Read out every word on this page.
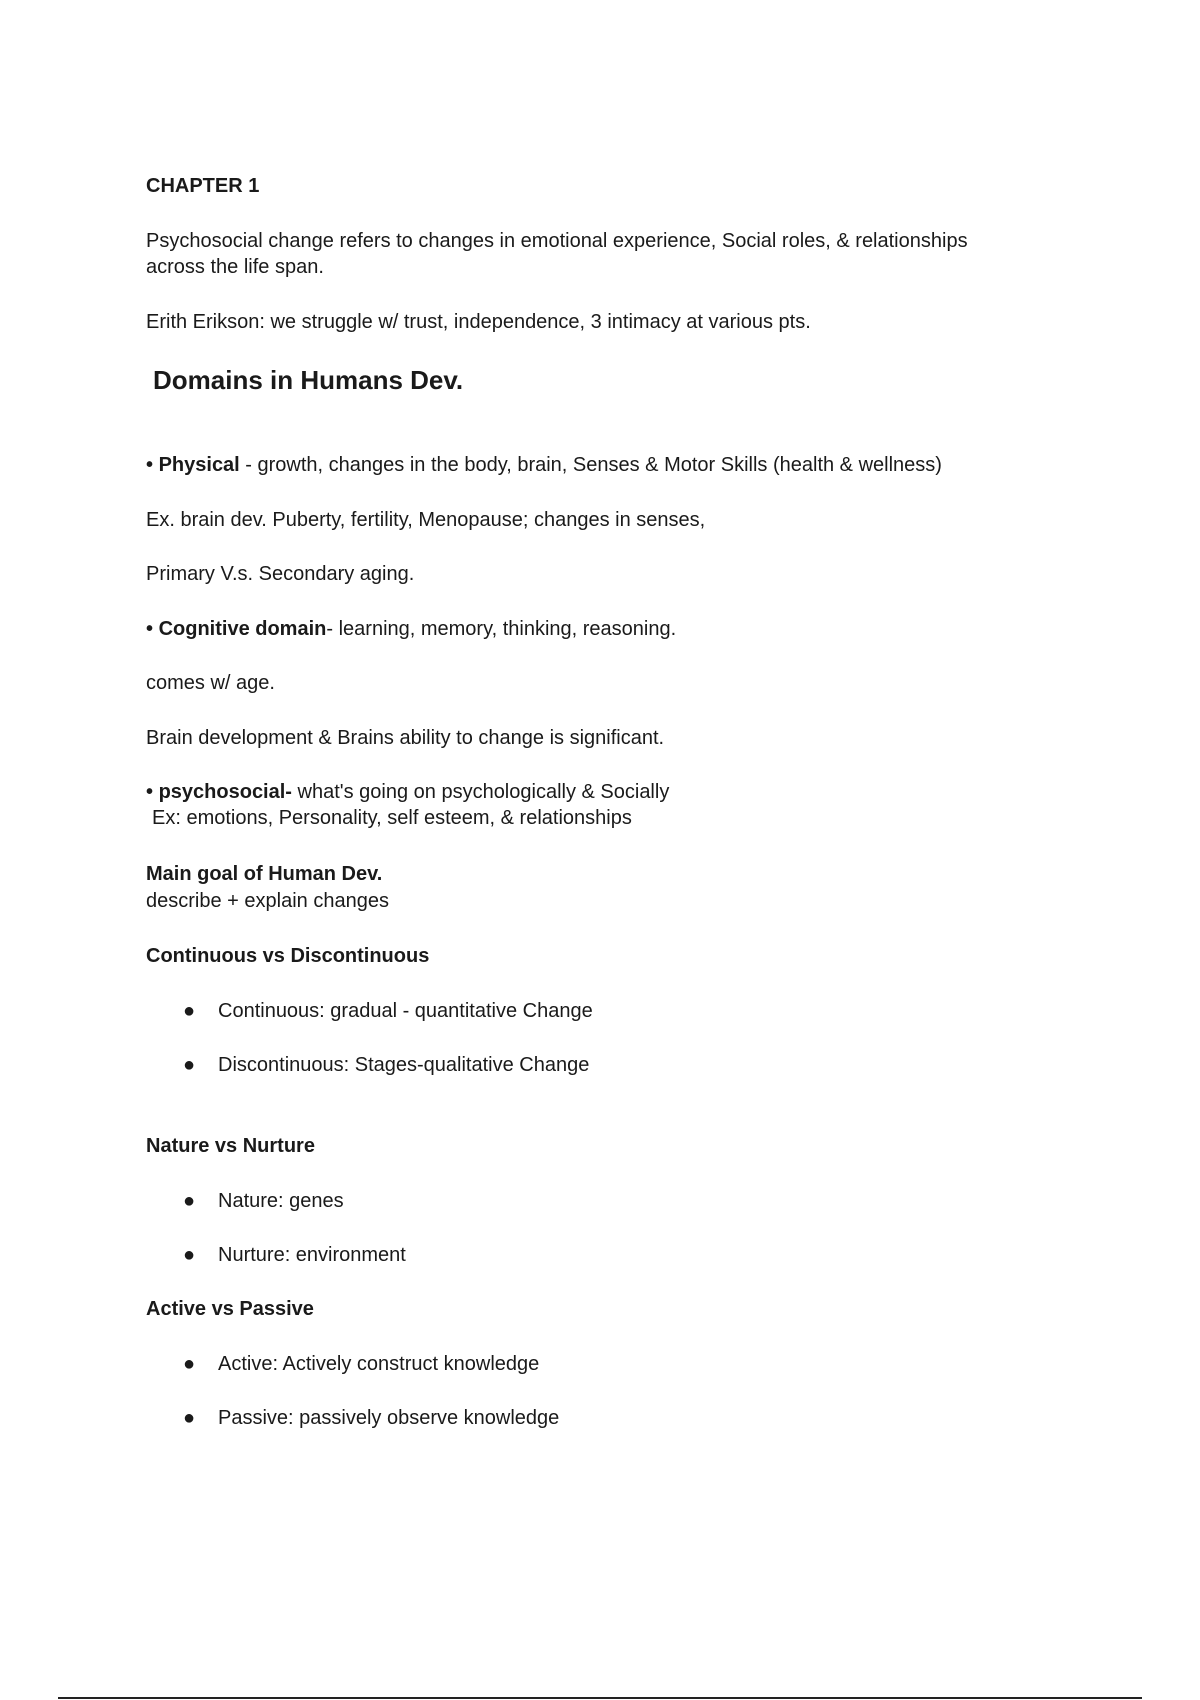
CHAPTER 1
Psychosocial change refers to changes in emotional experience, Social roles, & relationships
across the life span.
Erith Erikson: we struggle w/ trust, independence, 3 intimacy at various pts.
Domains in Humans Dev.
• Physical - growth, changes in the body, brain, Senses & Motor Skills (health & wellness)
Ex. brain dev. Puberty, fertility, Menopause; changes in senses,
Primary V.s. Secondary aging.
• Cognitive domain- learning, memory, thinking, reasoning.
comes w/ age.
Brain development & Brains ability to change is significant.
• psychosocial- what's going on psychologically & Socially
Ex: emotions, Personality, self esteem, & relationships
Main goal of Human Dev.
describe + explain changes
Continuous vs Discontinuous
● Continuous: gradual - quantitative Change
● Discontinuous: Stages-qualitative Change
Nature vs Nurture
● Nature: genes
● Nurture: environment
Active vs Passive
● Active: Actively construct knowledge
● Passive: passively observe knowledge
